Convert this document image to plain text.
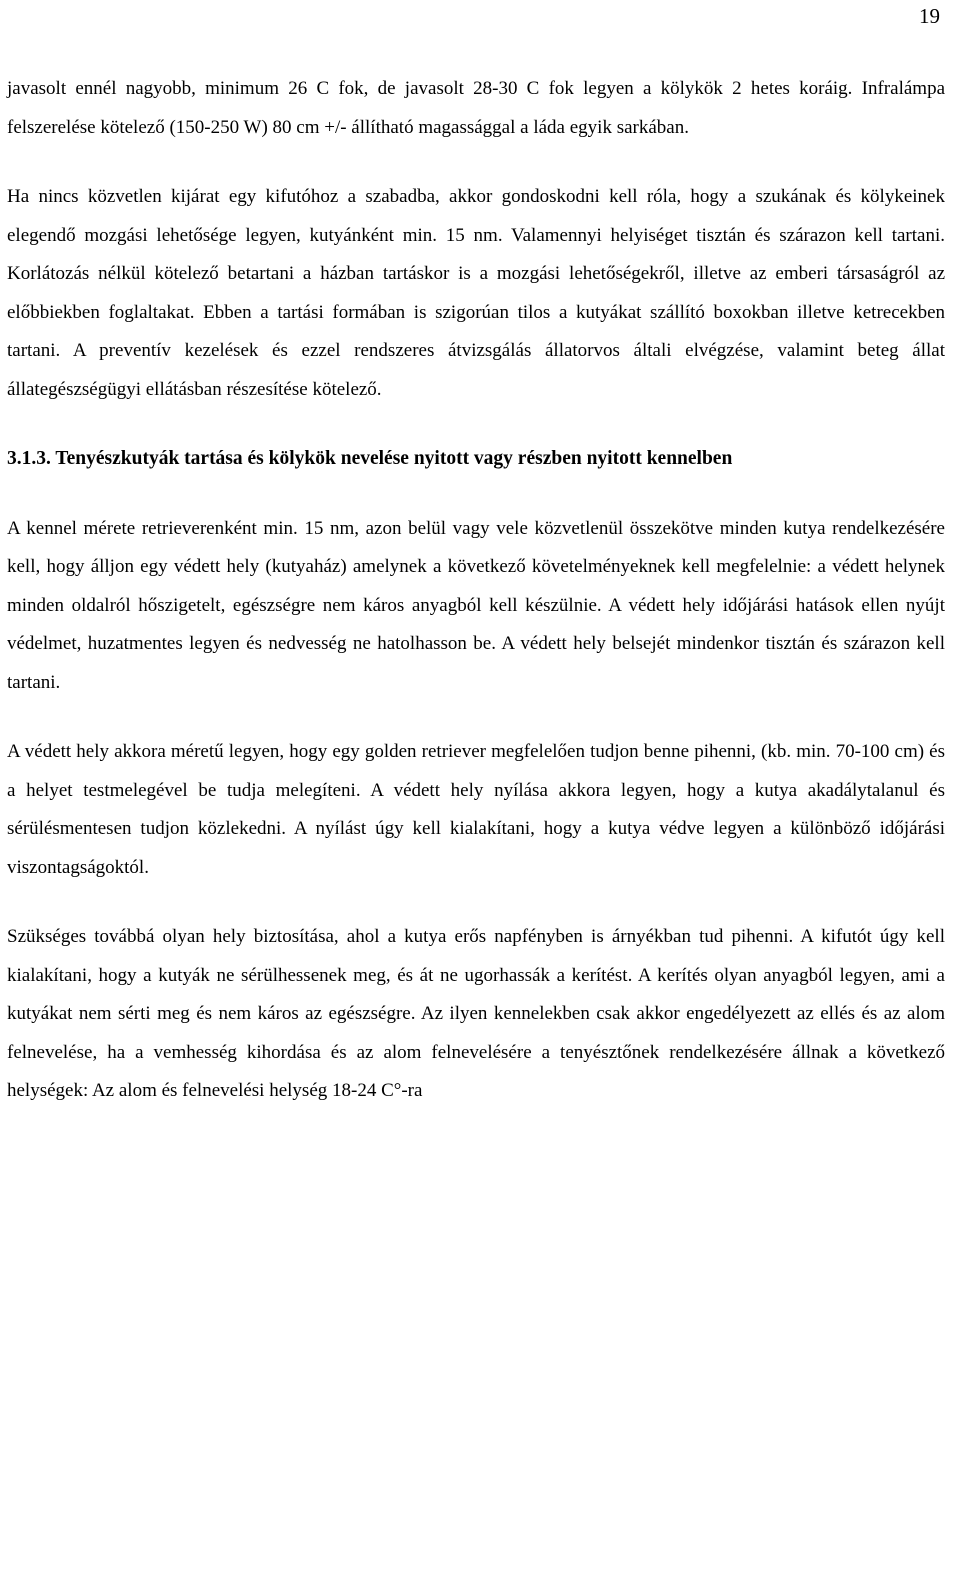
19

javasolt ennél nagyobb, minimum 26 C fok, de javasolt 28-30 C fok legyen a kölykök 2 hetes koráig. Infralámpa felszerelése kötelező (150-250 W) 80 cm +/- állítható magassággal a láda egyik sarkában.

Ha nincs közvetlen kijárat egy kifutóhoz a szabadba, akkor gondoskodni kell róla, hogy a szukának és kölykeinek elegendő mozgási lehetősége legyen, kutyánként min. 15 nm. Valamennyi helyiséget tisztán és szárazon kell tartani. Korlátozás nélkül kötelező betartani a házban tartáskor is a mozgási lehetőségekről, illetve az emberi társaságról az előbbiekben foglaltakat. Ebben a tartási formában is szigorúan tilos a kutyákat szállító boxokban illetve ketrecekben tartani. A preventív kezelések és ezzel rendszeres átvizsgálás állatorvos általi elvégzése, valamint beteg állat állategészségügyi ellátásban részesítése kötelező.

3.1.3. Tenyészkutyák tartása és kölykök nevelése nyitott vagy részben nyitott kennelben

A kennel mérete retrieverenként min. 15 nm, azon belül vagy vele közvetlenül összekötve minden kutya rendelkezésére kell, hogy álljon egy védett hely (kutyaház) amelynek a következő követelményeknek kell megfelelnie: a védett helynek minden oldalról hőszigetelt, egészségre nem káros anyagból kell készülnie. A védett hely időjárási hatások ellen nyújt védelmet, huzatmentes legyen és nedvesség ne hatolhasson be. A védett hely belsejét mindenkor tisztán és szárazon kell tartani.

A védett hely akkora méretű legyen, hogy egy golden retriever megfelelően tudjon benne pihenni, (kb. min. 70-100 cm) és a helyet testmelegével be tudja melegíteni. A védett hely nyílása akkora legyen, hogy a kutya akadálytalanul és sérülésmentesen tudjon közlekedni. A nyílást úgy kell kialakítani, hogy a kutya védve legyen a különböző időjárási viszontagságoktól.

Szükséges továbbá olyan hely biztosítása, ahol a kutya erős napfényben is árnyékban tud pihenni. A kifutót úgy kell kialakítani, hogy a kutyák ne sérülhessenek meg, és át ne ugorhassák a kerítést. A kerítés olyan anyagból legyen, ami a kutyákat nem sérti meg és nem káros az egészségre. Az ilyen kennelekben csak akkor engedélyezett az ellés és az alom felnevelése, ha a vemhesség kihordása és az alom felnevelésére a tenyésztőnek rendelkezésére állnak a következő helységek: Az alom és felnevelési helység 18-24 C°-ra
